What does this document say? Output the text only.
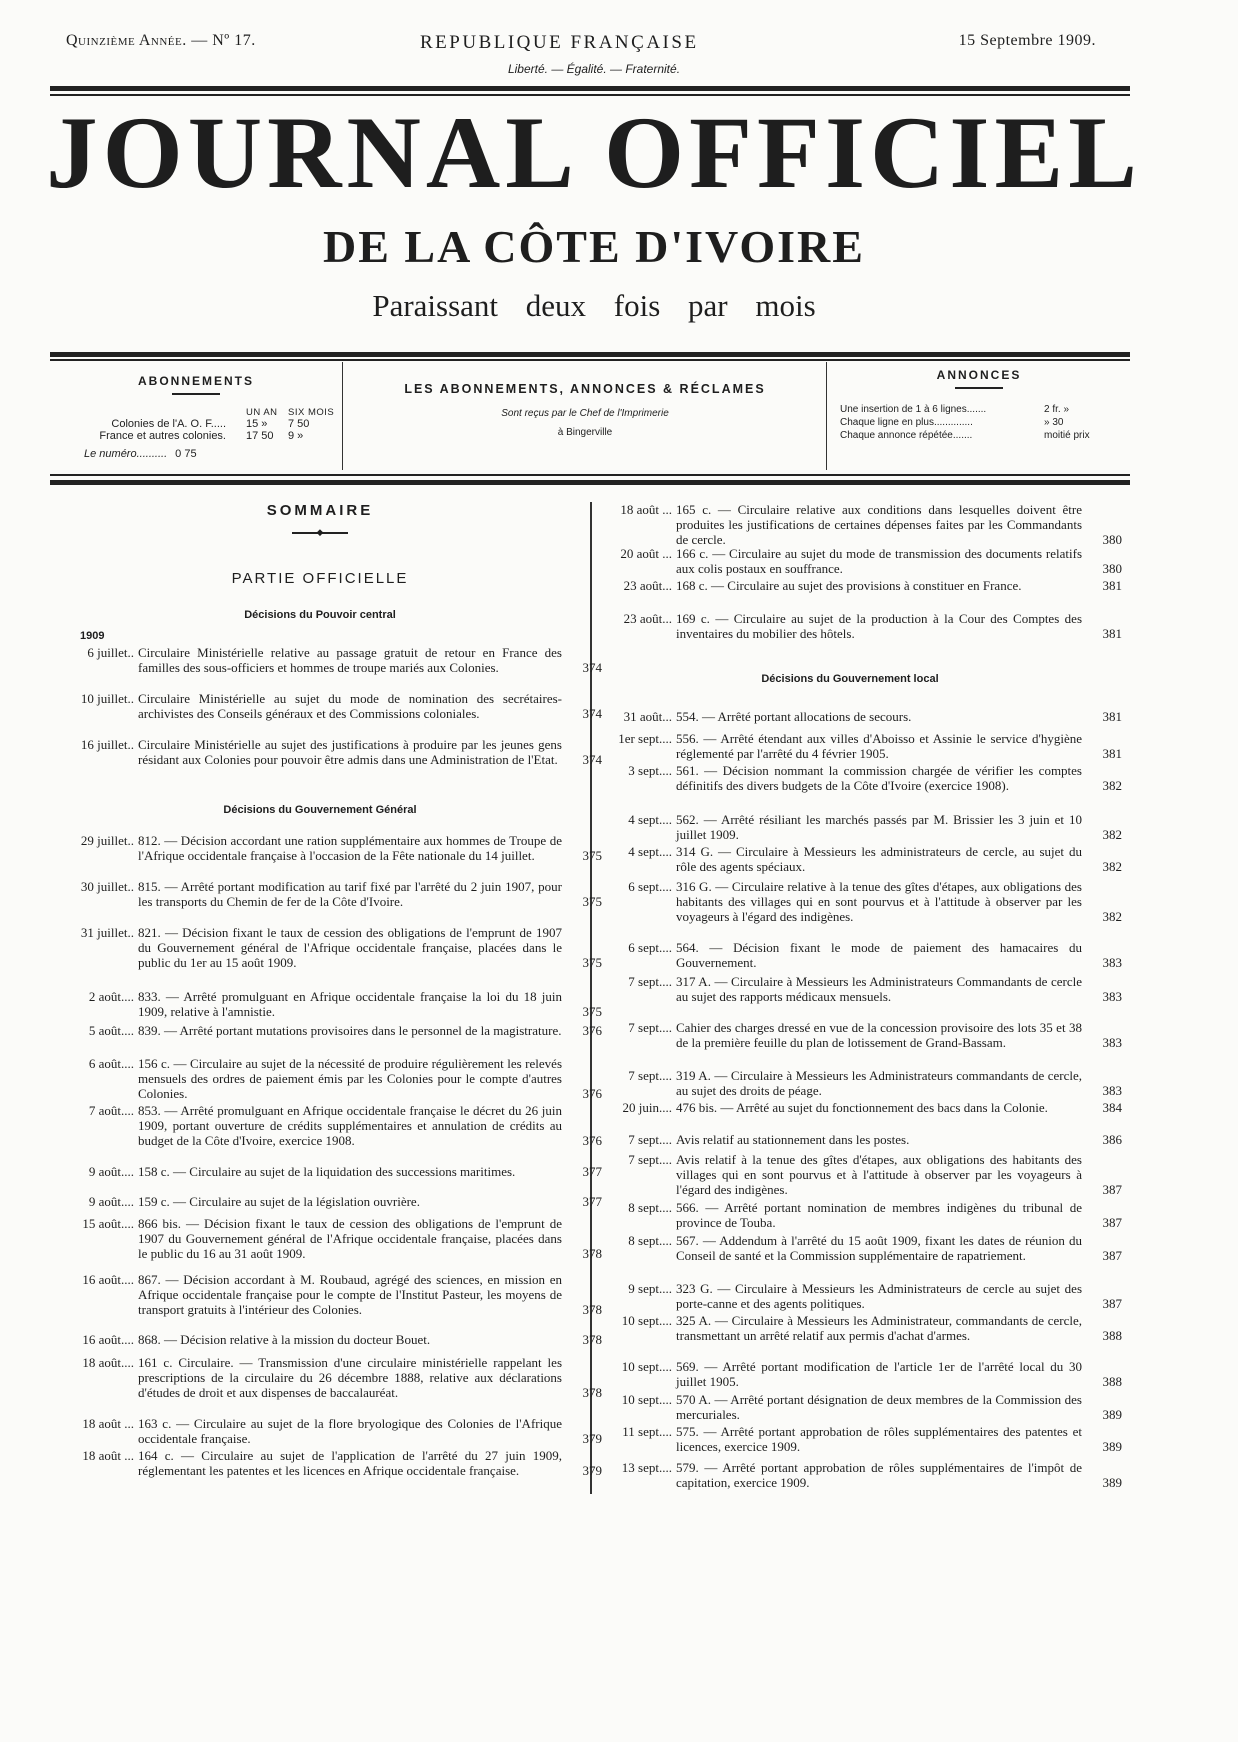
Quinzième Année. — Nº 17.	REPUBLIQUE FRANÇAISE	15 Septembre 1909.
Liberté. — Égalité. — Fraternité.
JOURNAL OFFICIEL
DE LA CÔTE D'IVOIRE
Paraissant deux fois par mois
ABONNEMENTS
UN AN	SIX MOIS
Colonies de l'A. O. F.....	15 »	7 50
France et autres colonies.	17 50	9 »
Le numéro.......... 0 75
LES ABONNEMENTS, ANNONCES & RÉCLAMES
Sont reçus par le Chef de l'Imprimerie
à Bingerville
ANNONCES
Une insertion de 1 à 6 lignes.......	2 fr. »
Chaque ligne en plus..............	» 30
Chaque annonce répétée.......	moitié prix
SOMMAIRE
◆
PARTIE OFFICIELLE
Décisions du Pouvoir central
1909
Décisions du Gouvernement Général
Décisions du Gouvernement local
6 juillet.. Circulaire Ministérielle relative au passage gratuit de retour en France des familles des sous-officiers et hommes de troupe mariés aux Colonies.	374
10 juillet.. Circulaire Ministérielle au sujet du mode de nomination des secrétaires-archivistes des Conseils généraux et des Commissions coloniales.	374
16 juillet.. Circulaire Ministérielle au sujet des justifications à produire par les jeunes gens résidant aux Colonies pour pouvoir être admis dans une Administration de l'Etat.	374
29 juillet.. 812. — Décision accordant une ration supplémentaire aux hommes de Troupe de l'Afrique occidentale française à l'occasion de la Fête nationale du 14 juillet.	375
30 juillet.. 815. — Arrêté portant modification au tarif fixé par l'arrêté du 2 juin 1907, pour les transports du Chemin de fer de la Côte d'Ivoire.	375
31 juillet.. 821. — Décision fixant le taux de cession des obligations de l'emprunt de 1907 du Gouvernement général de l'Afrique occidentale française, placées dans le public du 1er au 15 août 1909.	375
2 août.... 833. — Arrêté promulguant en Afrique occidentale française la loi du 18 juin 1909, relative à l'amnistie.	375
5 août.... 839. — Arrêté portant mutations provisoires dans le personnel de la magistrature.	376
6 août.... 156 c. — Circulaire au sujet de la nécessité de produire régulièrement les relevés mensuels des ordres de paiement émis par les Colonies pour le compte d'autres Colonies.	376
7 août.... 853. — Arrêté promulguant en Afrique occidentale française le décret du 26 juin 1909, portant ouverture de crédits supplémentaires et annulation de crédits au budget de la Côte d'Ivoire, exercice 1908.	376
9 août.... 158 c. — Circulaire au sujet de la liquidation des successions maritimes.	377
9 août.... 159 c. — Circulaire au sujet de la législation ouvrière.	377
15 août.... 866 bis. — Décision fixant le taux de cession des obligations de l'emprunt de 1907 du Gouvernement général de l'Afrique occidentale française, placées dans le public du 16 au 31 août 1909.	378
16 août.... 867. — Décision accordant à M. Roubaud, agrégé des sciences, en mission en Afrique occidentale française pour le compte de l'Institut Pasteur, les moyens de transport gratuits à l'intérieur des Colonies.	378
16 août.... 868. — Décision relative à la mission du docteur Bouet.	378
18 août.... 161 c. Circulaire. — Transmission d'une circulaire ministérielle rappelant les prescriptions de la circulaire du 26 décembre 1888, relative aux déclarations d'études de droit et aux dispenses de baccalauréat.	378
18 août ... 163 c. — Circulaire au sujet de la flore bryologique des Colonies de l'Afrique occidentale française.	379
18 août ... 164 c. — Circulaire au sujet de l'application de l'arrêté du 27 juin 1909, réglementant les patentes et les licences en Afrique occidentale française.	379
18 août ... 165 c. — Circulaire relative aux conditions dans lesquelles doivent être produites les justifications de certaines dépenses faites par les Commandants de cercle.	380
20 août ... 166 c. — Circulaire au sujet du mode de transmission des documents relatifs aux colis postaux en souffrance.	380
23 août... 168 c. — Circulaire au sujet des provisions à constituer en France.	381
23 août... 169 c. — Circulaire au sujet de la production à la Cour des Comptes des inventaires du mobilier des hôtels.	381
31 août... 554. — Arrêté portant allocations de secours.	381
1er sept.... 556. — Arrêté étendant aux villes d'Aboisso et Assinie le service d'hygiène réglementé par l'arrêté du 4 février 1905.	381
3 sept.... 561. — Décision nommant la commission chargée de vérifier les comptes définitifs des divers budgets de la Côte d'Ivoire (exercice 1908).	382
4 sept.... 562. — Arrêté résiliant les marchés passés par M. Brissier les 3 juin et 10 juillet 1909.	382
4 sept.... 314 G. — Circulaire à Messieurs les administrateurs de cercle, au sujet du rôle des agents spéciaux.	382
6 sept.... 316 G. — Circulaire relative à la tenue des gîtes d'étapes, aux obligations des habitants des villages qui en sont pourvus et à l'attitude à observer par les voyageurs à l'égard des indigènes.	382
6 sept.... 564. — Décision fixant le mode de paiement des hamacaires du Gouvernement.	383
7 sept.... 317 A. — Circulaire à Messieurs les Administrateurs Commandants de cercle au sujet des rapports médicaux mensuels.	383
7 sept.... Cahier des charges dressé en vue de la concession provisoire des lots 35 et 38 de la première feuille du plan de lotissement de Grand-Bassam.	383
7 sept.... 319 A. — Circulaire à Messieurs les Administrateurs commandants de cercle, au sujet des droits de péage.	383
20 juin.... 476 bis. — Arrêté au sujet du fonctionnement des bacs dans la Colonie.	384
7 sept.... Avis relatif au stationnement dans les postes.	386
7 sept.... Avis relatif à la tenue des gîtes d'étapes, aux obligations des habitants des villages qui en sont pourvus et à l'attitude à observer par les voyageurs à l'égard des indigènes.	387
8 sept.... 566. — Arrêté portant nomination de membres indigènes du tribunal de province de Touba.	387
8 sept.... 567. — Addendum à l'arrêté du 15 août 1909, fixant les dates de réunion du Conseil de santé et la Commission supplémentaire de rapatriement.	387
9 sept.... 323 G. — Circulaire à Messieurs les Administrateurs de cercle au sujet des porte-canne et des agents politiques.	387
10 sept.... 325 A. — Circulaire à Messieurs les Administrateur, commandants de cercle, transmettant un arrêté relatif aux permis d'achat d'armes.	388
10 sept.... 569. — Arrêté portant modification de l'article 1er de l'arrêté local du 30 juillet 1905.	388
10 sept.... 570 A. — Arrêté portant désignation de deux membres de la Commission des mercuriales.	389
11 sept.... 575. — Arrêté portant approbation de rôles supplémentaires des patentes et licences, exercice 1909.	389
13 sept.... 579. — Arrêté portant approbation de rôles supplémentaires de l'impôt de capitation, exercice 1909.	389
